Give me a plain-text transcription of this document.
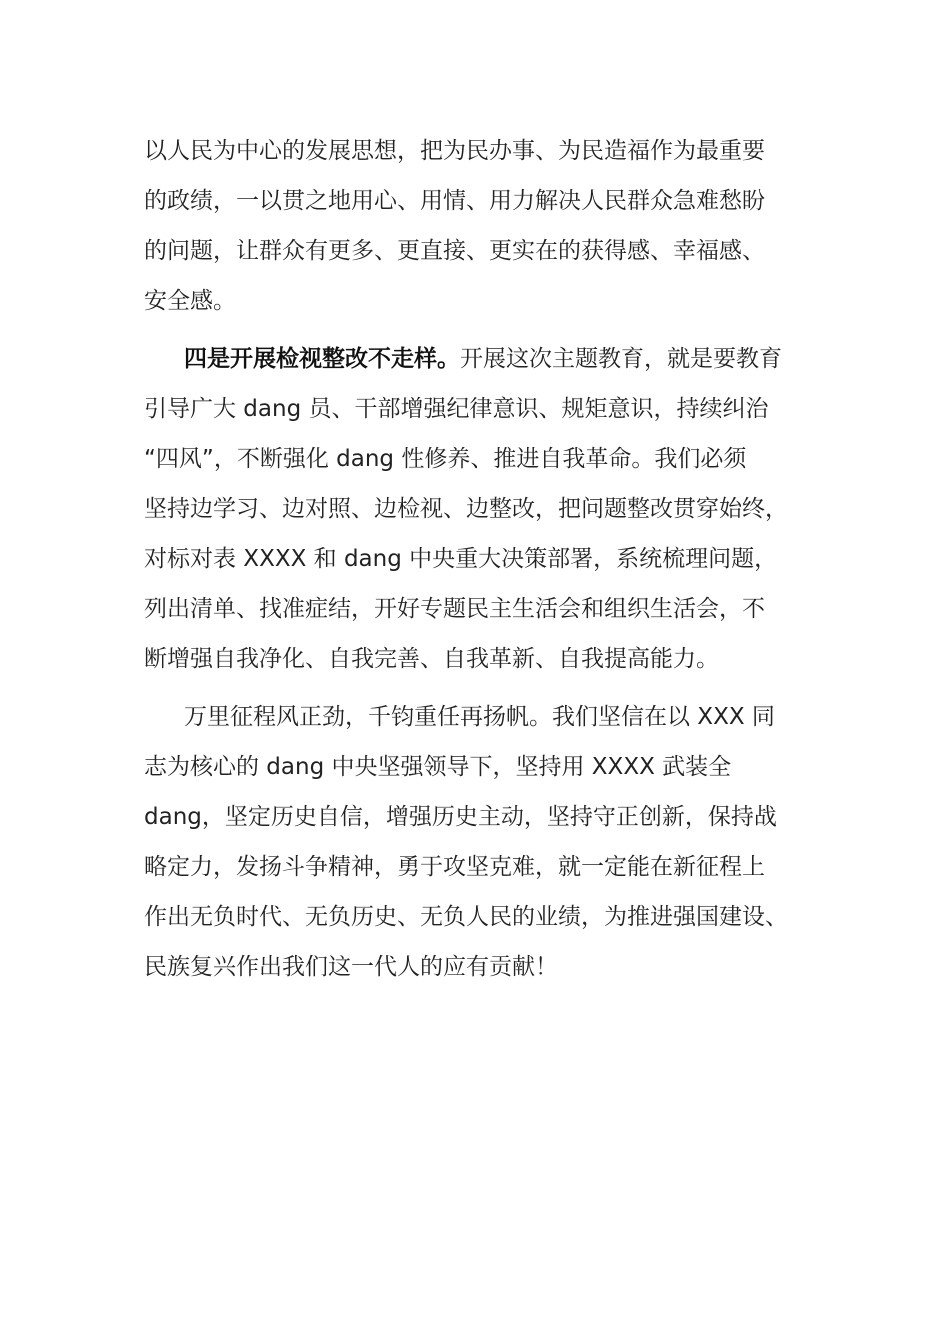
以人民为中心的发展思想，把为民办事、为民造福作为最重要
的政绩，一以贯之地用心、用情、用力解决人民群众急难愁盼
的问题，让群众有更多、更直接、更实在的获得感、幸福感、
安全感。
四是开展检视整改不走样。开展这次主题教育，就是要教育
引导广大 dang 员、干部增强纪律意识、规矩意识，持续纠治
“四风”，不断强化 dang 性修养、推进自我革命。我们必须
坚持边学习、边对照、边检视、边整改，把问题整改贯穿始终，
对标对表 XXXX 和 dang 中央重大决策部署，系统梳理问题，
列出清单、找准症结，开好专题民主生活会和组织生活会，不
断增强自我净化、自我完善、自我革新、自我提高能力。
万里征程风正劲，千钧重任再扬帆。我们坚信在以 XXX 同
志为核心的 dang 中央坚强领导下，坚持用 XXXX 武装全
dang，坚定历史自信，增强历史主动，坚持守正创新，保持战
略定力，发扬斗争精神，勇于攻坚克难，就一定能在新征程上
作出无负时代、无负历史、无负人民的业绩，为推进强国建设、
民族复兴作出我们这一代人的应有贡献！
